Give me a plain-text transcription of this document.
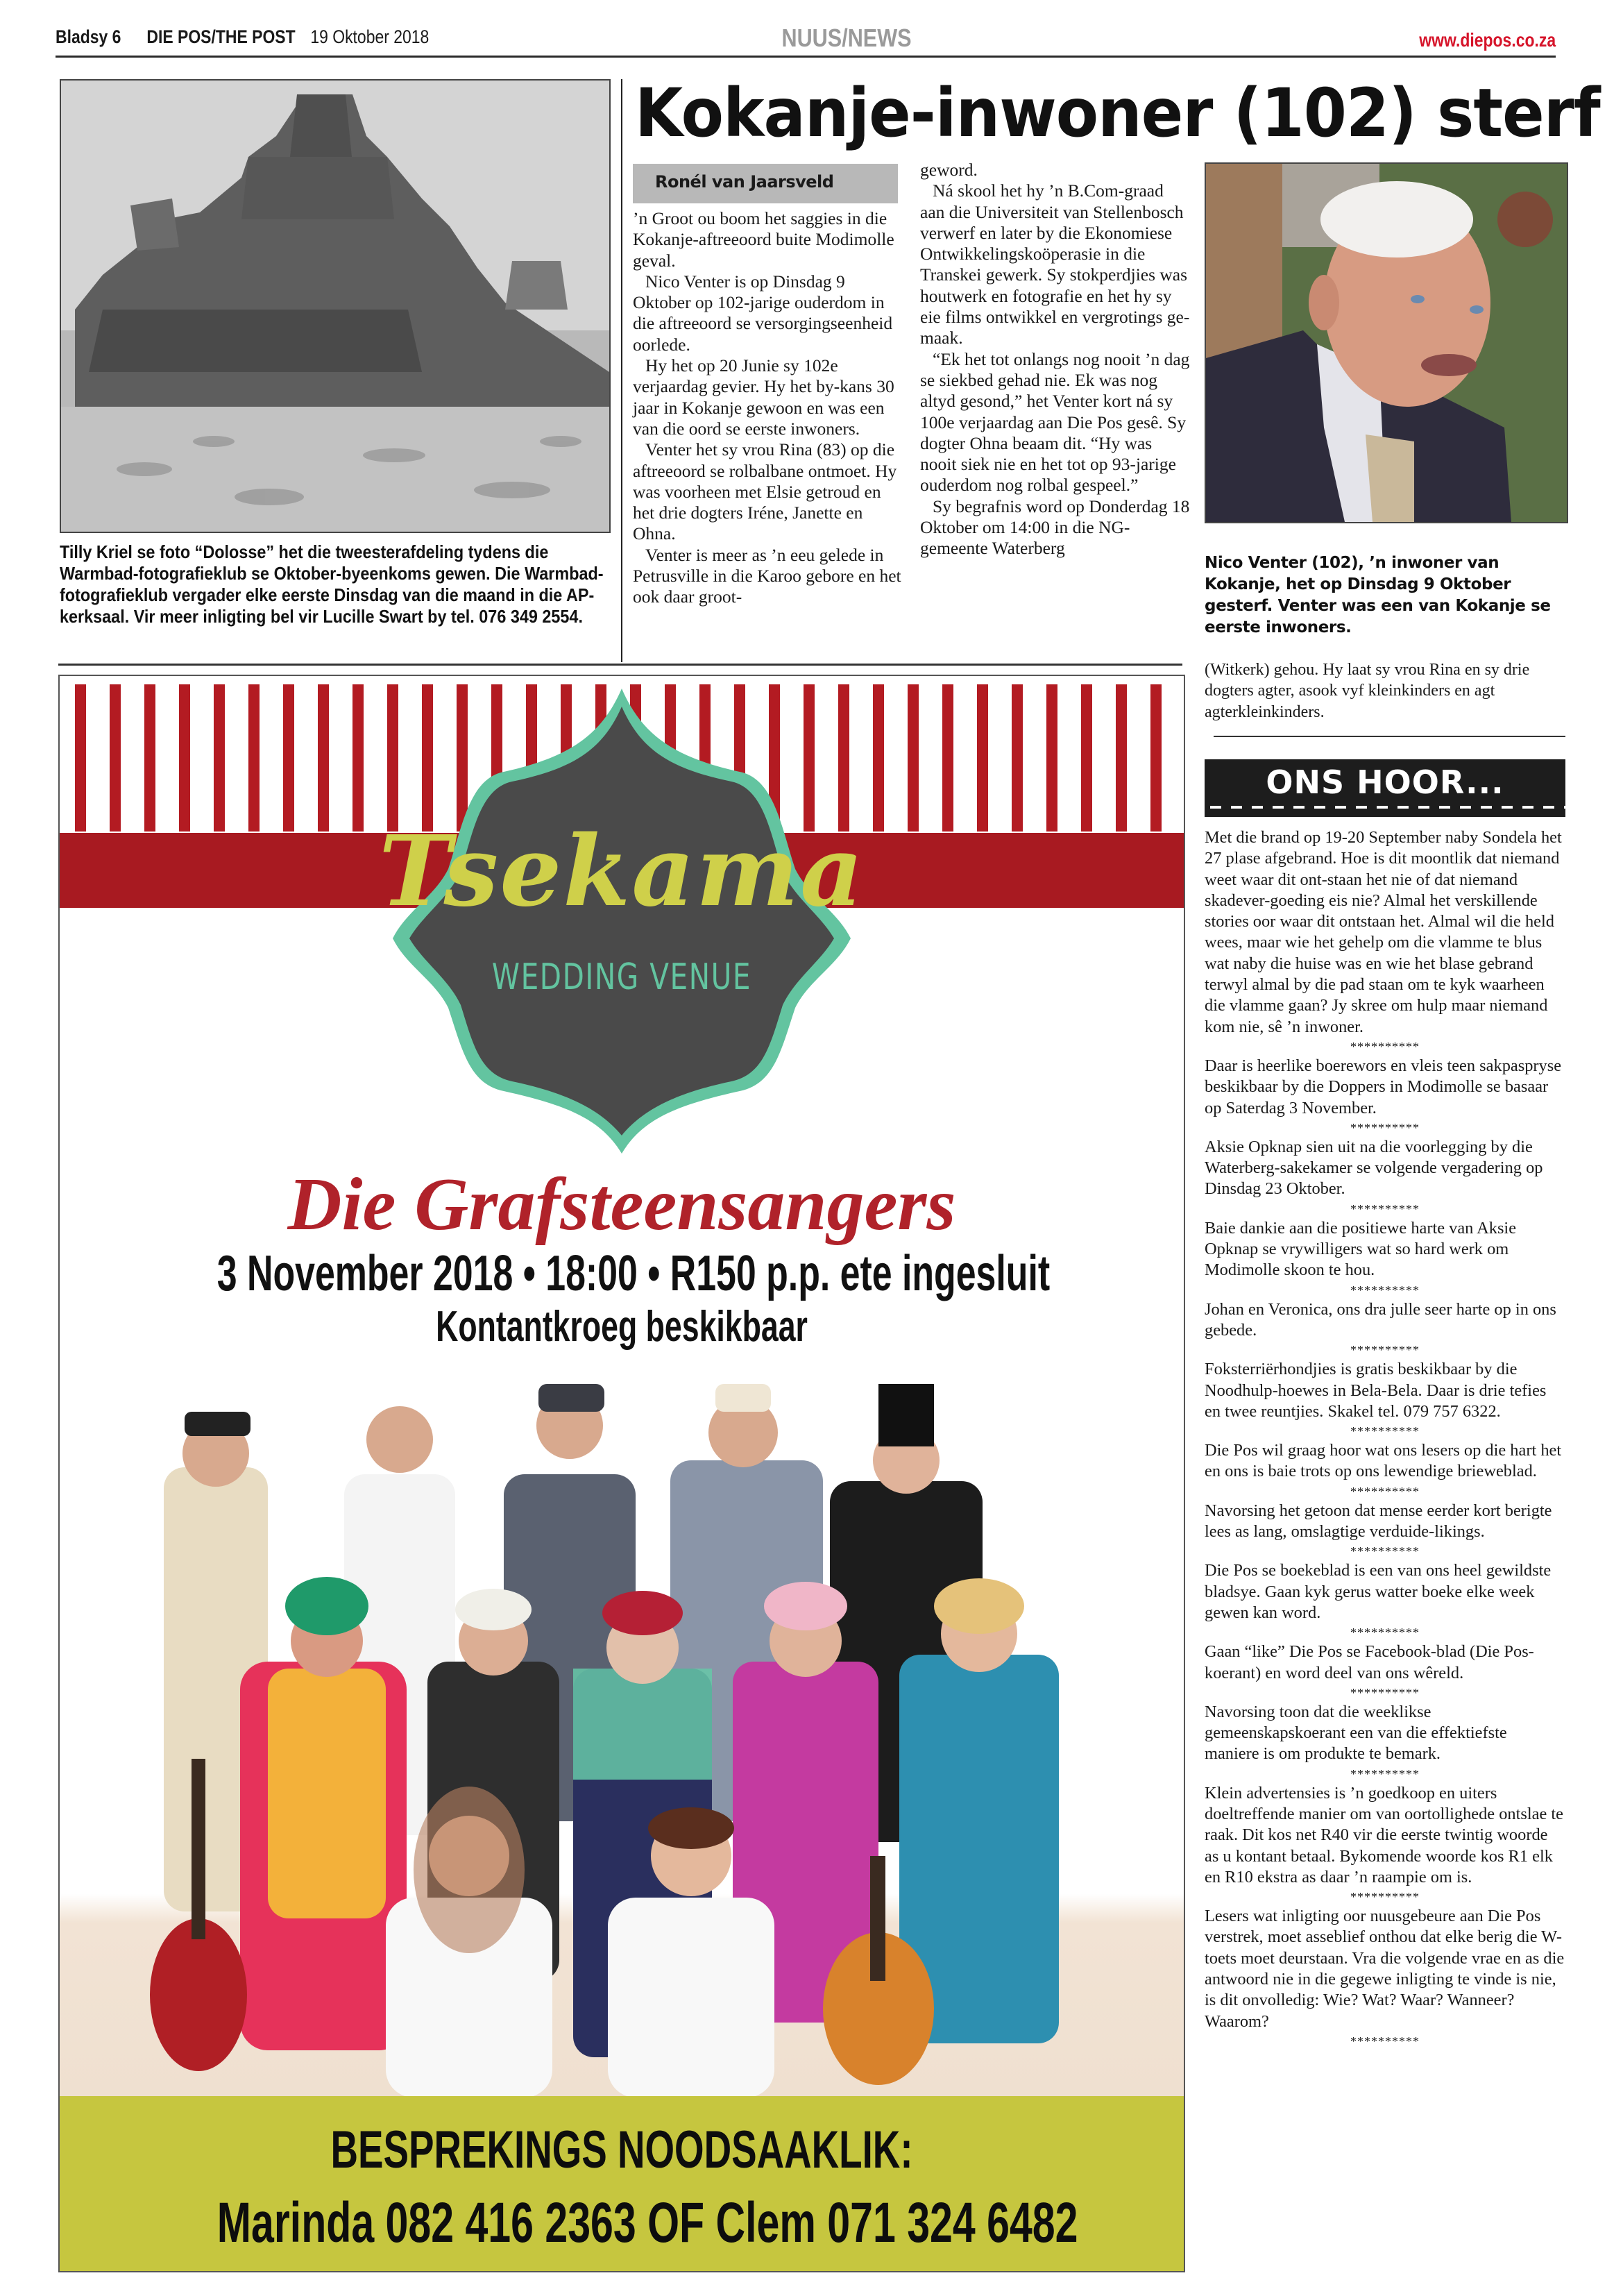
Bladsy 6 DIE POS/THE POST 19 Oktober 2018	NUUS/NEWS	www.diepos.co.za
Tilly Kriel se foto “Dolosse” het die tweesterafdeling tydens die Warmbad-fotografieklub se Oktober-byeenkoms gewen. Die Warmbad-fotografieklub vergader elke eerste Dinsdag van die maand in die AP-kerksaal. Vir meer inligting bel vir Lucille Swart by tel. 076 349 2554.
Kokanje-inwoner (102) sterf
Ronél van Jaarsveld

’n Groot ou boom het saggies in die Kokanje-aftreeoord buite Modimolle geval.

Nico Venter is op Dinsdag 9 Oktober op 102-jarige ouderdom in die aftreeoord se versorgingseenheid oorlede.

Hy het op 20 Junie sy 102e verjaardag gevier. Hy het by-kans 30 jaar in Kokanje gewoon en was een van die oord se eerste inwoners.

Venter het sy vrou Rina (83) op die aftreeoord se rolbalbane ontmoet. Hy was voorheen met Elsie getroud en het drie dogters Iréne, Janette en Ohna.

Venter is meer as ’n eeu gelede in Petrusville in die Karoo gebore en het ook daar groot-

geword.

Ná skool het hy ’n B.Com-graad aan die Universiteit van Stellenbosch verwerf en later by die Ekonomiese Ontwikkelingskoöperasie in die Transkei gewerk. Sy stokperdjies was houtwerk en fotografie en het hy sy eie films ontwikkel en vergrotings ge-maak.

“Ek het tot onlangs nog nooit ’n dag se siekbed gehad nie. Ek was nog altyd gesond,” het Venter kort ná sy 100e verjaardag aan Die Pos gesê. Sy dogter Ohna beaam dit. “Hy was nooit siek nie en het tot op 93-jarige ouderdom nog rolbal gespeel.”

Sy begrafnis word op Donderdag 18 Oktober om 14:00 in die NG-gemeente Waterberg

Nico Venter (102), ’n inwoner van Kokanje, het op Dinsdag 9 Oktober gesterf. Venter was een van Kokanje se eerste inwoners.
(Witkerk) gehou. Hy laat sy vrou Rina en sy drie dogters agter, asook vyf kleinkinders en agt agterkleinkinders.
ONS HOOR...

Met die brand op 19-20 September naby Sondela het 27 plase afgebrand. Hoe is dit moontlik dat niemand weet waar dit ont-staan het nie of dat niemand skadever-goeding eis nie? Almal het verskillende stories oor waar dit ontstaan het. Almal wil die held wees, maar wie het gehelp om die vlamme te blus wat naby die huise was en wie het blase gebrand terwyl almal by die pad staan om te kyk waarheen die vlamme gaan? Jy skree om hulp maar niemand kom nie, sê ’n inwoner.

**********

Daar is heerlike boerewors en vleis teen sakpaspryse beskikbaar by die Doppers in Modimolle se basaar op Saterdag 3 November.

**********

Aksie Opknap sien uit na die voorlegging by die Waterberg-sakekamer se volgende vergadering op Dinsdag 23 Oktober.

**********

Baie dankie aan die positiewe harte van Aksie Opknap se vrywilligers wat so hard werk om Modimolle skoon te hou.

**********

Johan en Veronica, ons dra julle seer harte op in ons gebede.

**********

Foksterriërhondjies is gratis beskikbaar by die Noodhulp-hoewes in Bela-Bela. Daar is drie tefies en twee reuntjies. Skakel tel. 079 757 6322.

**********

Die Pos wil graag hoor wat ons lesers op die hart het en ons is baie trots op ons lewendige brieweblad.

**********

Navorsing het getoon dat mense eerder kort berigte lees as lang, omslagtige verduide-likings.

**********

Die Pos se boekeblad is een van ons heel gewildste bladsye. Gaan kyk gerus watter boeke elke week gewen kan word.

**********

Gaan “like” Die Pos se Facebook-blad (Die Pos-koerant) en word deel van ons wêreld.

**********

Navorsing toon dat die weeklikse gemeenskapskoerant een van die effektiefste maniere is om produkte te bemark.

**********

Klein advertensies is ’n goedkoop en uiters doeltreffende manier om van oortollighede ontslae te raak. Dit kos net R40 vir die eerste twintig woorde as u kontant betaal. Bykomende woorde kos R1 elk en R10 ekstra as daar ’n raampie om is.

**********

Lesers wat inligting oor nuusgebeure aan Die Pos verstrek, moet asseblief onthou dat elke berig die W-toets moet deurstaan. Vra die volgende vrae en as die antwoord nie in die gegewe inligting te vinde is nie, is dit onvolledig: Wie? Wat? Waar? Wanneer? Waarom?

**********

Tsekama
WEDDING VENUE
Die Grafsteensangers
3 November 2018 • 18:00 • R150 p.p. ete ingesluit
Kontantkroeg beskikbaar
BESPREKINGS NOODSAAKLIK:
Marinda 082 416 2363 OF Clem 071 324 6482
